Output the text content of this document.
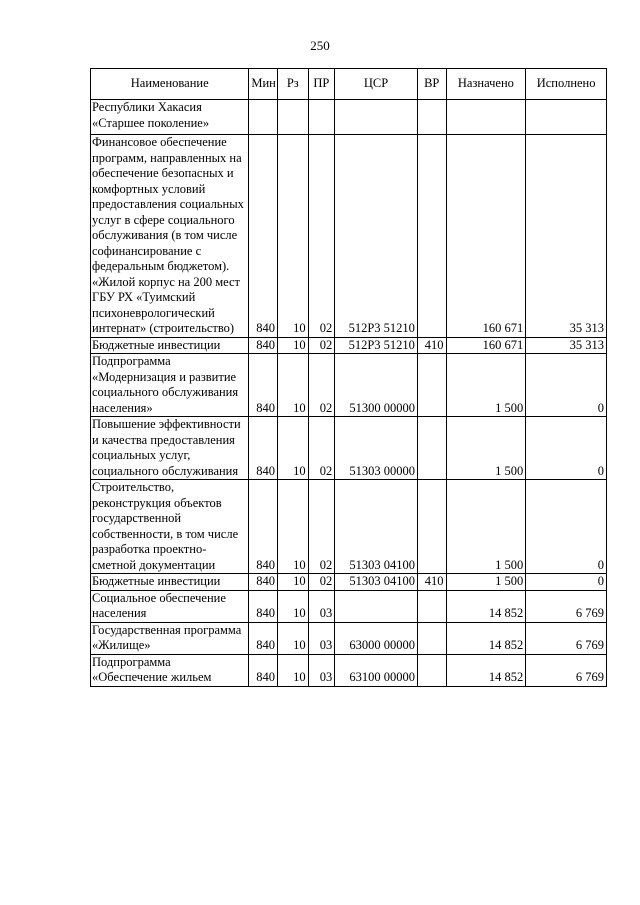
250
Наименование	Мин	Рз	ПР	ЦСР	ВР	Назначено	Исполнено
Республики Хакасия «Старшее поколение»							
Финансовое обеспечение программ, направленных на обеспечение безопасных и комфортных условий предоставления социальных услуг в сфере социального обслуживания (в том числе софинансирование с федеральным бюджетом). «Жилой корпус на 200 мест ГБУ РХ «Туимский психоневрологический интернат» (строительство)	840	10	02	512Р3 51210		160 671	35 313
Бюджетные инвестиции	840	10	02	512Р3 51210	410	160 671	35 313
Подпрограмма «Модернизация и развитие социального обслуживания населения»	840	10	02	51300 00000		1 500	0
Повышение эффективности и качества предоставления социальных услуг, социального обслуживания	840	10	02	51303 00000		1 500	0
Строительство, реконструкция объектов государственной собственности, в том числе разработка проектно-сметной документации	840	10	02	51303 04100		1 500	0
Бюджетные инвестиции	840	10	02	51303 04100	410	1 500	0
Социальное обеспечение населения	840	10	03			14 852	6 769
Государственная программа «Жилище»	840	10	03	63000 00000		14 852	6 769
Подпрограмма «Обеспечение жильем	840	10	03	63100 00000		14 852	6 769
